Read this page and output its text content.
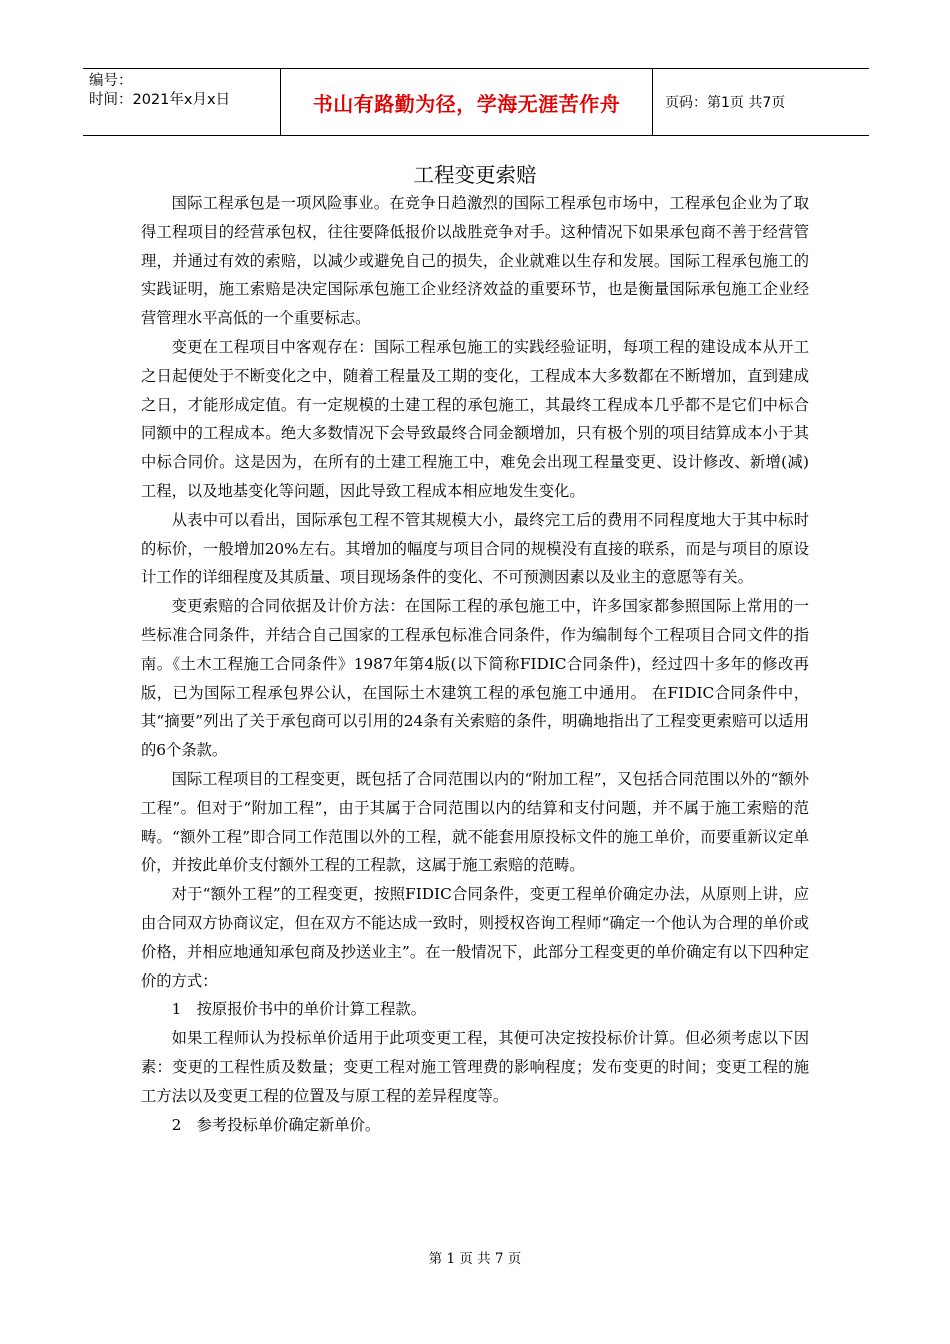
编号：
时间：2021年x月x日	书山有路勤为径，学海无涯苦作舟	页码：第1页 共7页
工程变更索赔

国际工程承包是一项风险事业。在竞争日趋激烈的国际工程承包市场中，工程承包企业为了取得工程项目的经营承包权，往往要降低报价以战胜竞争对手。这种情况下如果承包商不善于经营管理，并通过有效的索赔，以减少或避免自己的损失，企业就难以生存和发展。国际工程承包施工的实践证明，施工索赔是决定国际承包施工企业经济效益的重要环节，也是衡量国际承包施工企业经营管理水平高低的一个重要标志。

变更在工程项目中客观存在：国际工程承包施工的实践经验证明，每项工程的建设成本从开工之日起便处于不断变化之中，随着工程量及工期的变化，工程成本大多数都在不断增加，直到建成之日，才能形成定值。有一定规模的土建工程的承包施工，其最终工程成本几乎都不是它们中标合同额中的工程成本。绝大多数情况下会导致最终合同金额增加，只有极个别的项目结算成本小于其中标合同价。这是因为，在所有的土建工程施工中，难免会出现工程量变更、设计修改、新增(减)工程，以及地基变化等问题，因此导致工程成本相应地发生变化。

从表中可以看出，国际承包工程不管其规模大小，最终完工后的费用不同程度地大于其中标时的标价，一般增加20%左右。其增加的幅度与项目合同的规模没有直接的联系，而是与项目的原设计工作的详细程度及其质量、项目现场条件的变化、不可预测因素以及业主的意愿等有关。

变更索赔的合同依据及计价方法：在国际工程的承包施工中，许多国家都参照国际上常用的一些标准合同条件，并结合自己国家的工程承包标准合同条件，作为编制每个工程项目合同文件的指南。《土木工程施工合同条件》1987年第4版(以下简称FIDIC合同条件)，经过四十多年的修改再版，已为国际工程承包界公认，在国际土木建筑工程的承包施工中通用。 在FIDIC合同条件中，其“摘要”列出了关于承包商可以引用的24条有关索赔的条件，明确地指出了工程变更索赔可以适用的6个条款。

国际工程项目的工程变更，既包括了合同范围以内的“附加工程”，又包括合同范围以外的“额外工程”。但对于“附加工程”，由于其属于合同范围以内的结算和支付问题，并不属于施工索赔的范畴。“额外工程”即合同工作范围以外的工程，就不能套用原投标文件的施工单价，而要重新议定单价，并按此单价支付额外工程的工程款，这属于施工索赔的范畴。

对于“额外工程”的工程变更，按照FIDIC合同条件，变更工程单价确定办法，从原则上讲，应由合同双方协商议定，但在双方不能达成一致时，则授权咨询工程师“确定一个他认为合理的单价或价格，并相应地通知承包商及抄送业主”。在一般情况下，此部分工程变更的单价确定有以下四种定价的方式：

1　按原报价书中的单价计算工程款。

如果工程师认为投标单价适用于此项变更工程，其便可决定按投标价计算。但必须考虑以下因素：变更的工程性质及数量；变更工程对施工管理费的影响程度；发布变更的时间；变更工程的施工方法以及变更工程的位置及与原工程的差异程度等。

2　参考投标单价确定新单价。

第 1 页 共 7 页
